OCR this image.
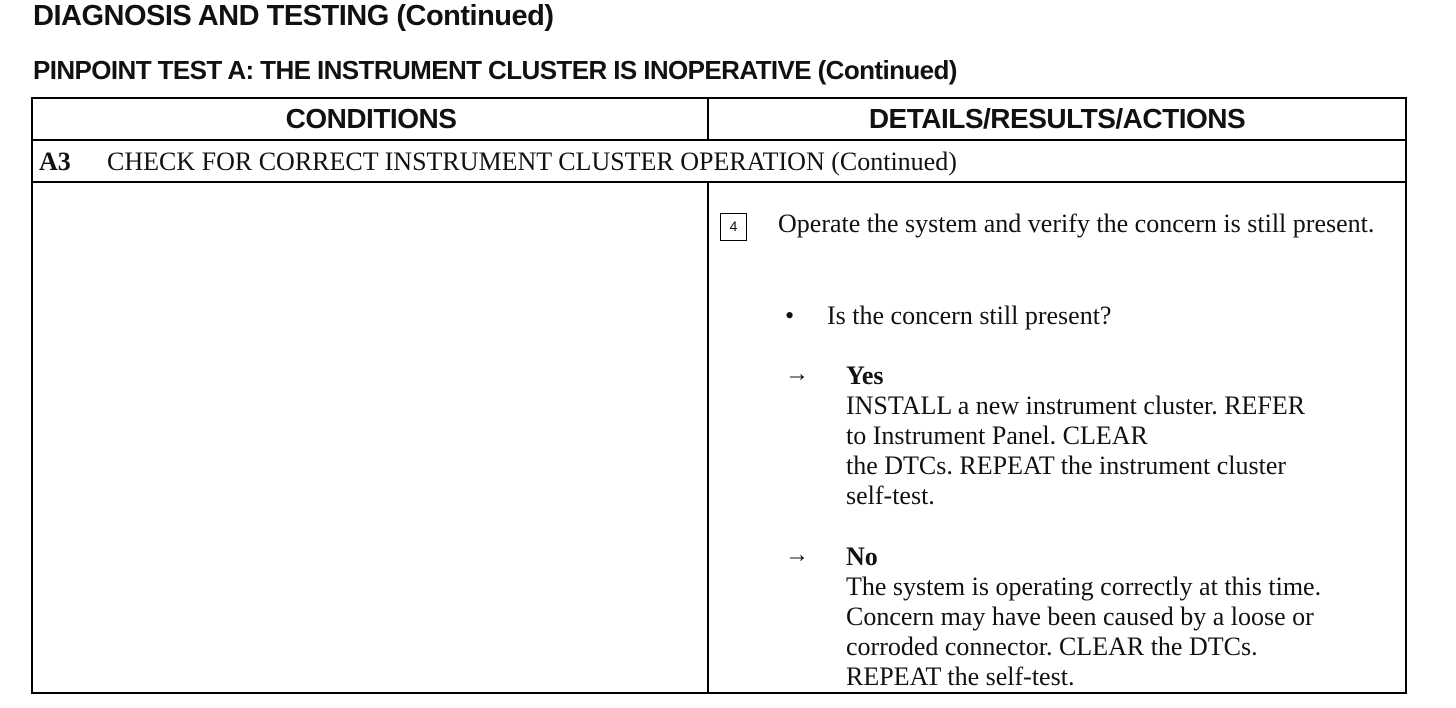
DIAGNOSIS AND TESTING (Continued)
PINPOINT TEST A: THE INSTRUMENT CLUSTER IS INOPERATIVE (Continued)
CONDITIONS	DETAILS/RESULTS/ACTIONS
A3 CHECK FOR CORRECT INSTRUMENT CLUSTER OPERATION (Continued)
4	Operate the system and verify the concern is still present.
• Is the concern still present?
→ Yes
INSTALL a new instrument cluster. REFER
to Instrument Panel. CLEAR
the DTCs. REPEAT the instrument cluster
self-test.
→ No
The system is operating correctly at this time.
Concern may have been caused by a loose or
corroded connector. CLEAR the DTCs.
REPEAT the self-test.
